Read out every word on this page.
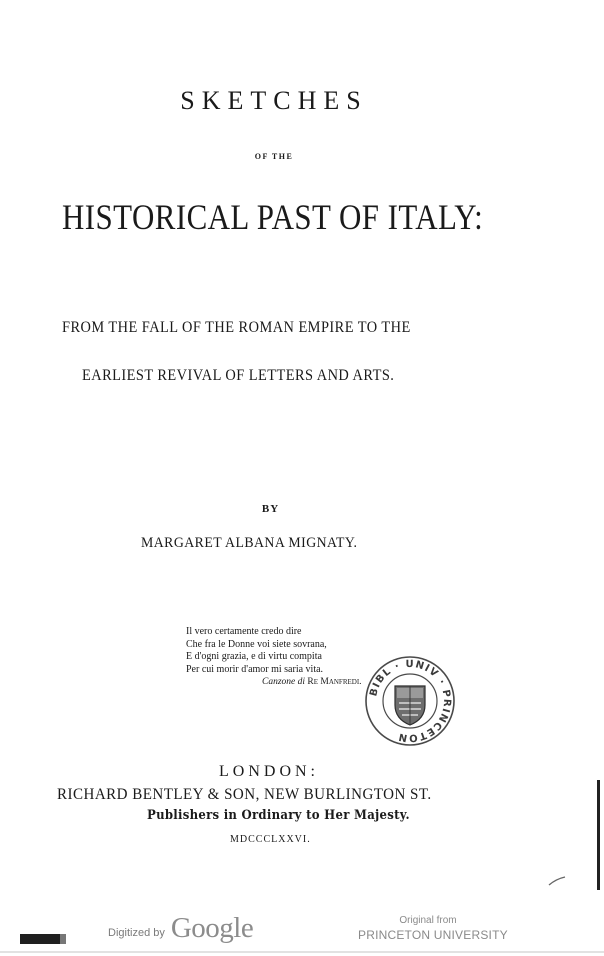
SKETCHES
OF THE
HISTORICAL PAST OF ITALY:
FROM THE FALL OF THE ROMAN EMPIRE TO THE
EARLIEST REVIVAL OF LETTERS AND ARTS.
BY
MARGARET ALBANA MIGNATY.
Il vero certamente credo dire
Che fra le Donne voi siete sovrana,
E d'ogni grazia, e di virtu compita
Per cui morir d'amor mi saria vita.
Canzone di Re Manfredi.
BIBL · UNIV · PRINCETON
LONDON:
RICHARD BENTLEY & SON, NEW BURLINGTON ST.
Publishers in Ordinary to Her Majesty.
MDCCCLXXVI.
Digitized by Google	Original from
PRINCETON UNIVERSITY
